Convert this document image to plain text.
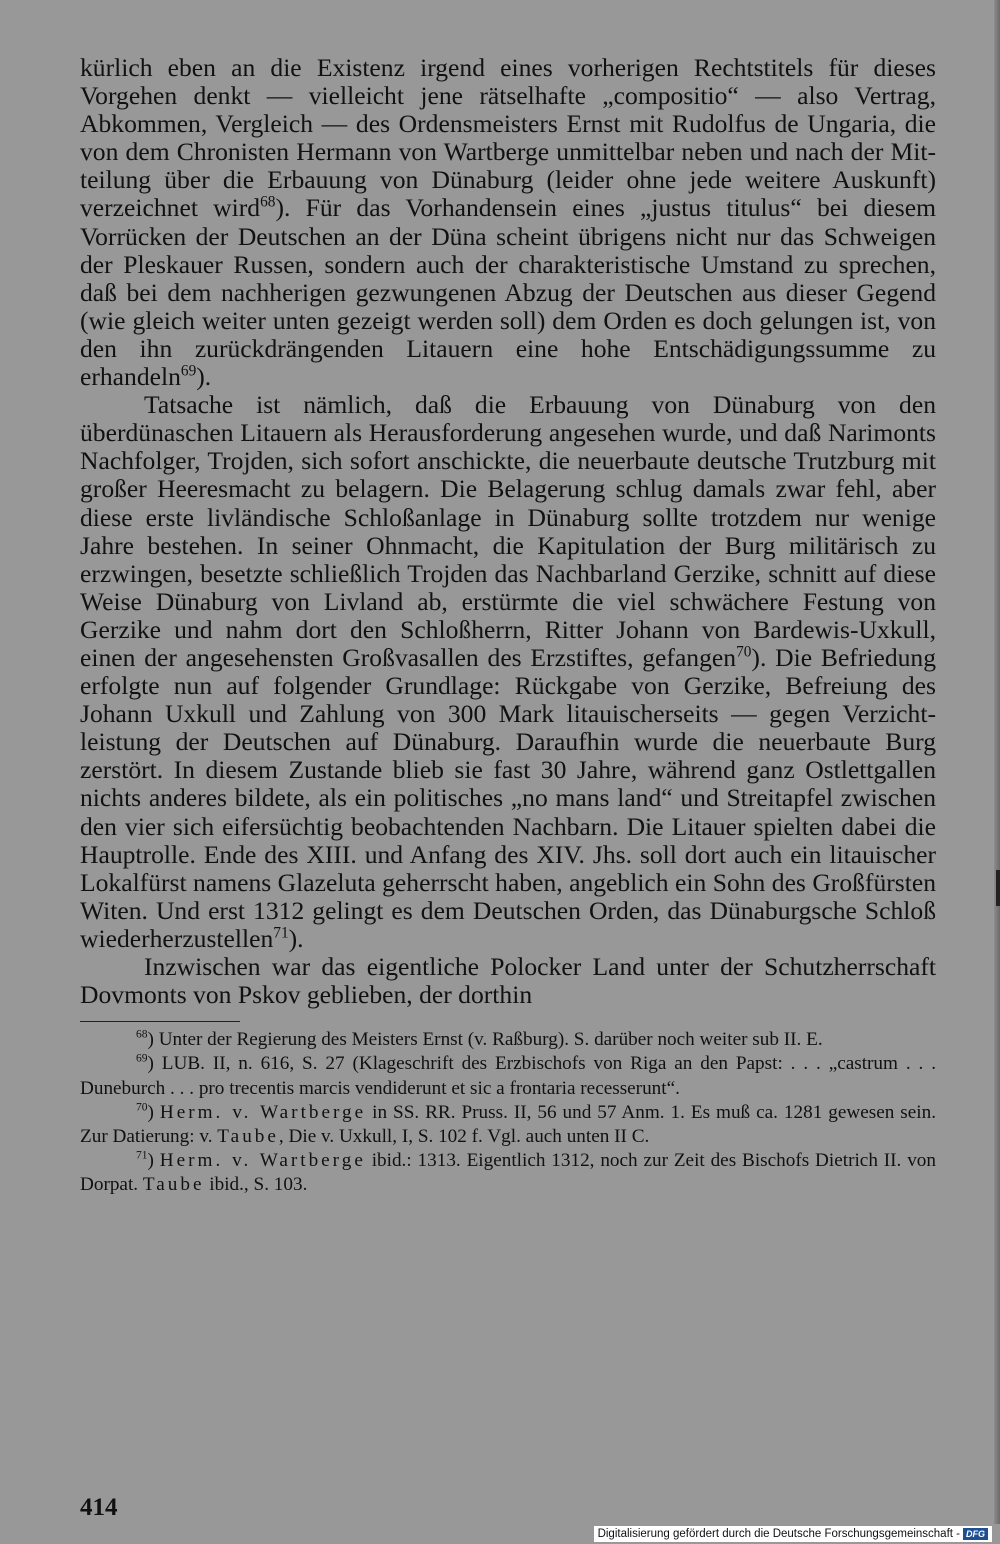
kürlich eben an die Existenz irgend eines vorherigen Rechtstitels für dieses Vorgehen denkt — vielleicht jene rätselhafte „compositio“ — also Vertrag, Abkommen, Vergleich — des Ordensmeisters Ernst mit Rudolfus de Ungaria, die von dem Chronisten Hermann von Wartberge unmittelbar neben und nach der Mitteilung über die Erbauung von Dünaburg (leider ohne jede weitere Auskunft) verzeichnet wird$^{68}$). Für das Vorhandensein eines „justus titulus“ bei diesem Vorrücken der Deutschen an der Düna scheint übrigens nicht nur das Schweigen der Pleskauer Russen, sondern auch der charakteristische Umstand zu sprechen, daß bei dem nachherigen gezwungenen Abzug der Deutschen aus dieser Gegend (wie gleich weiter unten gezeigt werden soll) dem Orden es doch gelungen ist, von den ihn zurückdrängenden Litauern eine hohe Entschädigungssumme zu erhandeln$^{69}$).

Tatsache ist nämlich, daß die Erbauung von Dünaburg von den überdünaschen Litauern als Herausforderung angesehen wurde, und daß Narimonts Nachfolger, Trojden, sich sofort anschickte, die neuerbaute deutsche Trutzburg mit großer Heeresmacht zu belagern. Die Belagerung schlug damals zwar fehl, aber diese erste livländische Schloßanlage in Dünaburg sollte trotzdem nur wenige Jahre bestehen. In seiner Ohnmacht, die Kapitulation der Burg militärisch zu erzwingen, besetzte schließlich Trojden das Nachbarland Gerzike, schnitt auf diese Weise Dünaburg von Livland ab, erstürmte die viel schwächere Festung von Gerzike und nahm dort den Schloßherrn, Ritter Johann von Bardewis-Uxkull, einen der angesehensten Großvasallen des Erzstiftes, gefangen$^{70}$). Die Befriedung erfolgte nun auf folgender Grundlage: Rückgabe von Gerzike, Befreiung des Johann Uxkull und Zahlung von 300 Mark litauischerseits — gegen Verzichtleistung der Deutschen auf Dünaburg. Daraufhin wurde die neuerbaute Burg zerstört. In diesem Zustande blieb sie fast 30 Jahre, während ganz Ostlettgallen nichts anderes bildete, als ein politisches „no mans land“ und Streitapfel zwischen den vier sich eifersüchtig beobachtenden Nachbarn. Die Litauer spielten dabei die Hauptrolle. Ende des XIII. und Anfang des XIV. Jhs. soll dort auch ein litauischer Lokalfürst namens Glazeluta geherrscht haben, angeblich ein Sohn des Großfürsten Witen. Und erst 1312 gelingt es dem Deutschen Orden, das Dünaburgsche Schloß wiederherzustellen$^{71}$).

Inzwischen war das eigentliche Polocker Land unter der Schutzherrschaft Dovmonts von Pskov geblieben, der dorthin

$^{68}$) Unter der Regierung des Meisters Ernst (v. Raßburg). S. darüber noch weiter sub II. E.

$^{69}$) LUB. II, n. 616, S. 27 (Klageschrift des Erzbischofs von Riga an den Papst: . . . „castrum . . . Duneburch . . . pro trecentis marcis vendiderunt et sic a frontaria recesserunt“.

$^{70}$) Herm. v. Wartberge in SS. RR. Pruss. II, 56 und 57 Anm. 1. Es muß ca. 1281 gewesen sein. Zur Datierung: v. Taube, Die v. Uxkull, I, S. 102 f. Vgl. auch unten II C.

$^{71}$) Herm. v. Wartberge ibid.: 1313. Eigentlich 1312, noch zur Zeit des Bischofs Dietrich II. von Dorpat. Taube ibid., S. 103.

414
Digitalisierung gefördert durch die Deutsche Forschungsgemeinschaft - DFG
